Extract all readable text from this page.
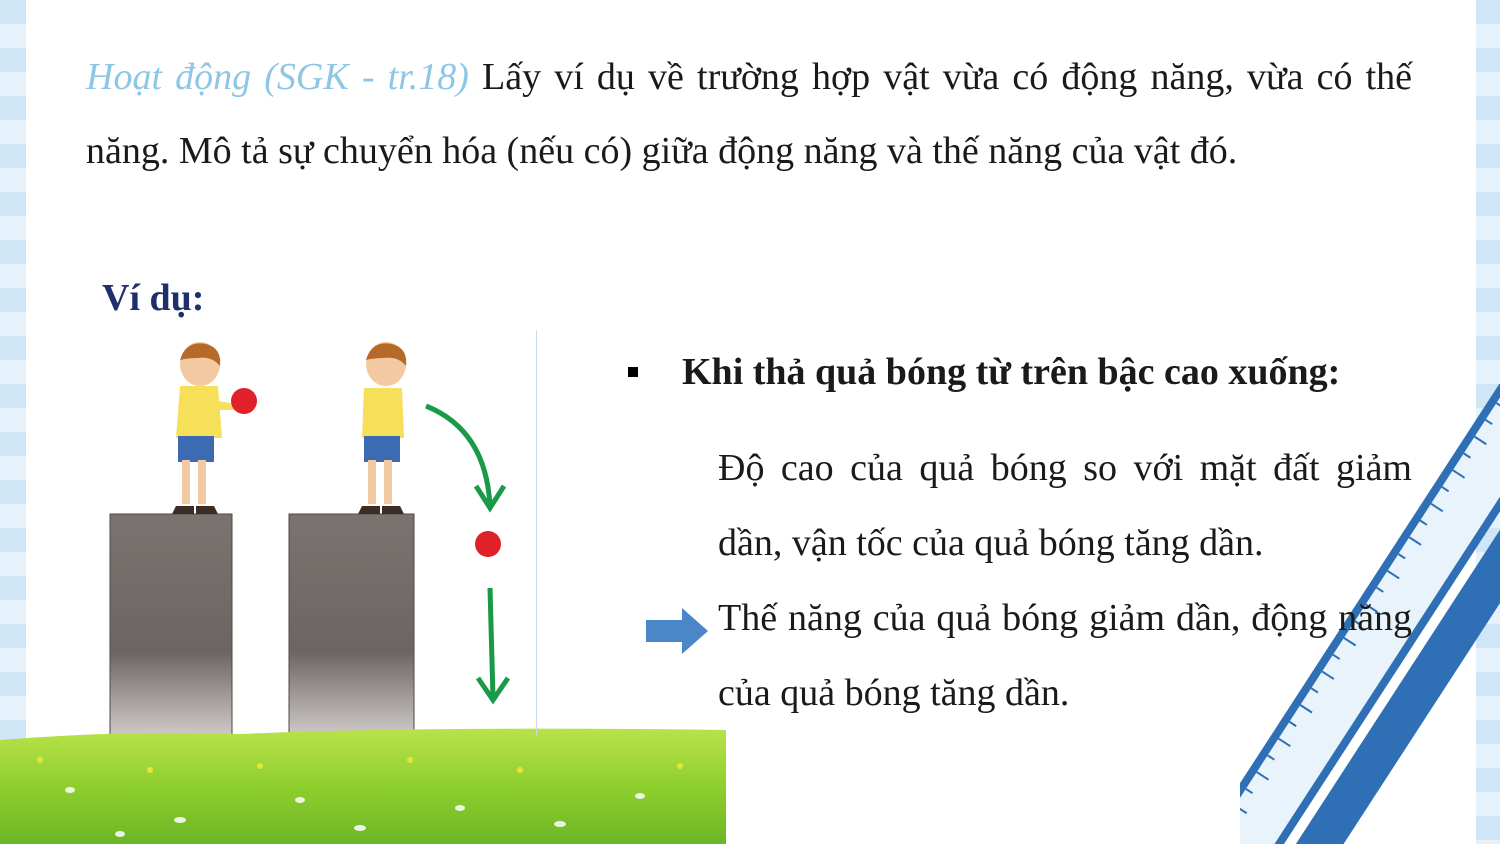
Hoạt động (SGK - tr.18) Lấy ví dụ về trường hợp vật vừa có động năng, vừa có thế năng. Mô tả sự chuyển hóa (nếu có) giữa động năng và thế năng của vật đó.

Ví dụ:
Khi thả quả bóng từ trên bậc cao xuống:

Độ cao của quả bóng so với mặt đất giảm dần, vận tốc của quả bóng tăng dần.

Thế năng của quả bóng giảm dần, động năng của quả bóng tăng dần.
